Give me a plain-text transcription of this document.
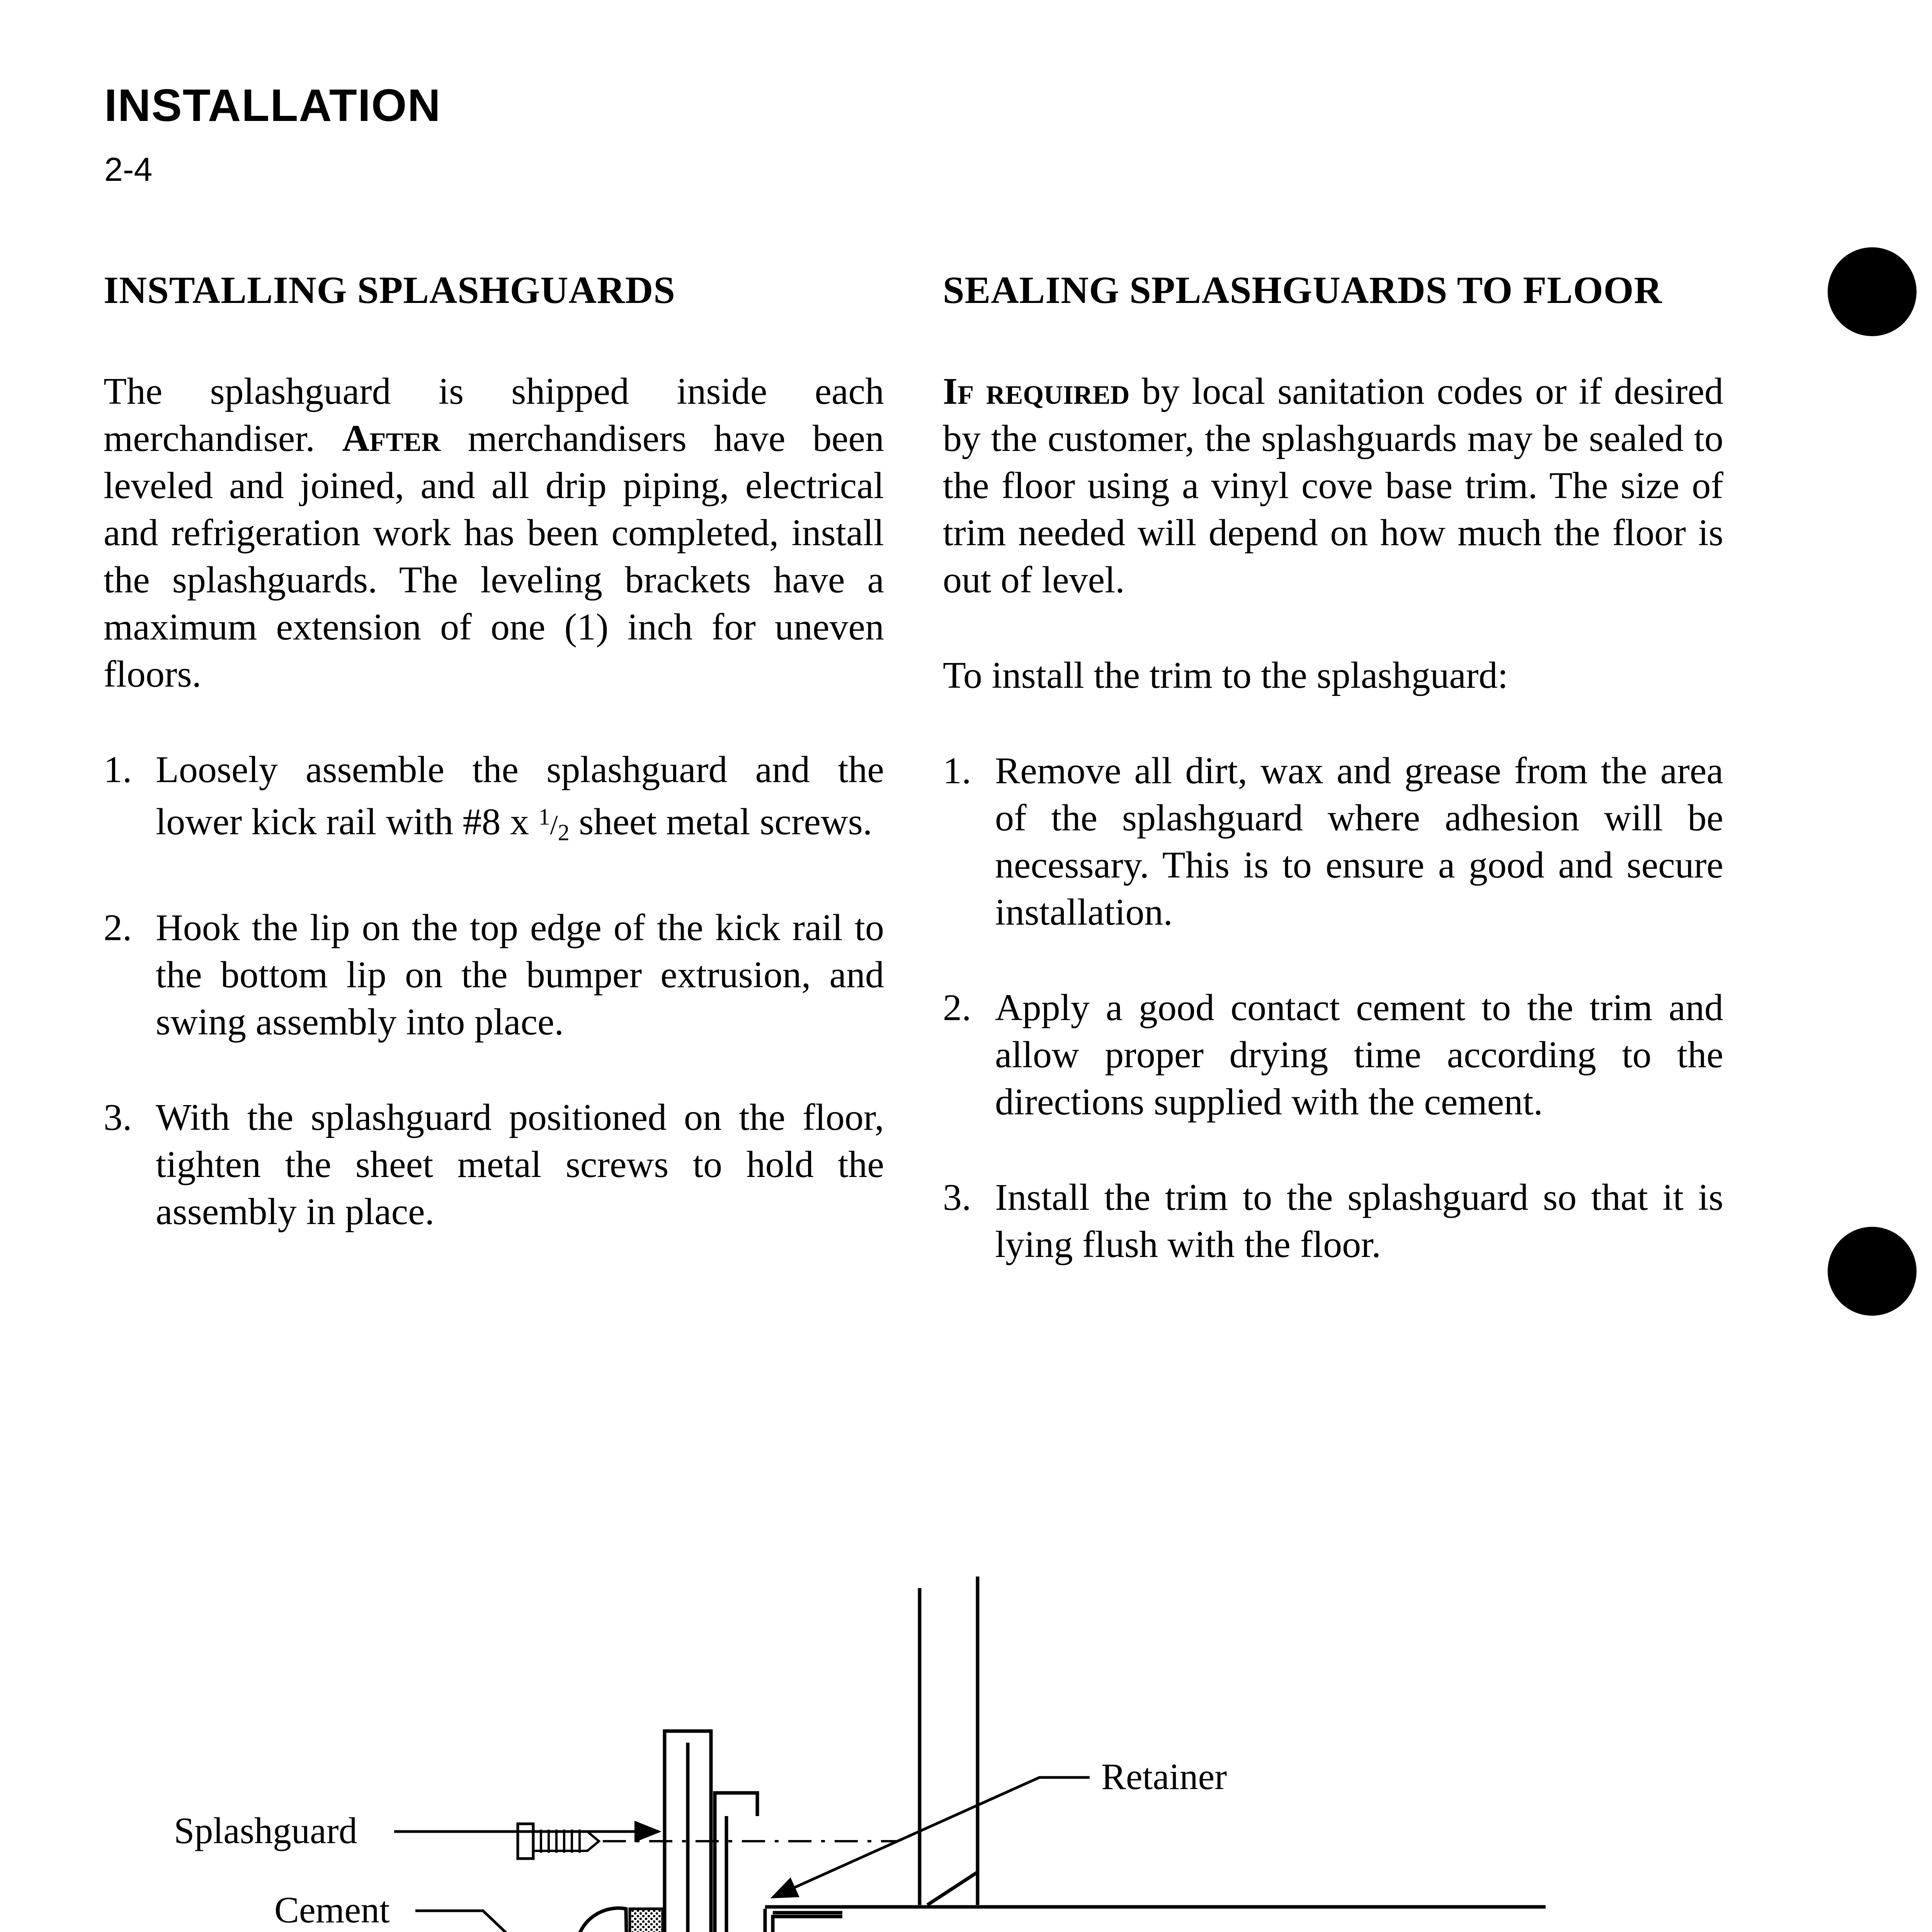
INSTALLATION
2-4
INSTALLING SPLASHGUARDS

The splashguard is shipped inside each merchandiser. After merchandisers have been leveled and joined, and all drip piping, electrical and refrigeration work has been completed, install the splashguards. The leveling brackets have a maximum extension of one (1) inch for uneven floors.

1. Loosely assemble the splashguard and the lower kick rail with #8 x $^1/_2$ sheet metal screws.
2. Hook the lip on the top edge of the kick rail to the bottom lip on the bumper extrusion, and swing assembly into place.
3. With the splashguard positioned on the floor, tighten the sheet metal screws to hold the assembly in place.
SEALING SPLASHGUARDS TO FLOOR

If required by local sanitation codes or if desired by the customer, the splashguards may be sealed to the floor using a vinyl cove base trim. The size of trim needed will depend on how much the floor is out of level.

To install the trim to the splashguard:

1. Remove all dirt, wax and grease from the area of the splashguard where adhesion will be necessary. This is to ensure a good and secure installation.
2. Apply a good contact cement to the trim and allow proper drying time according to the directions supplied with the cement.
3. Install the trim to the splashguard so that it is lying flush with the floor.
Splashguard
Cement
Retainer
